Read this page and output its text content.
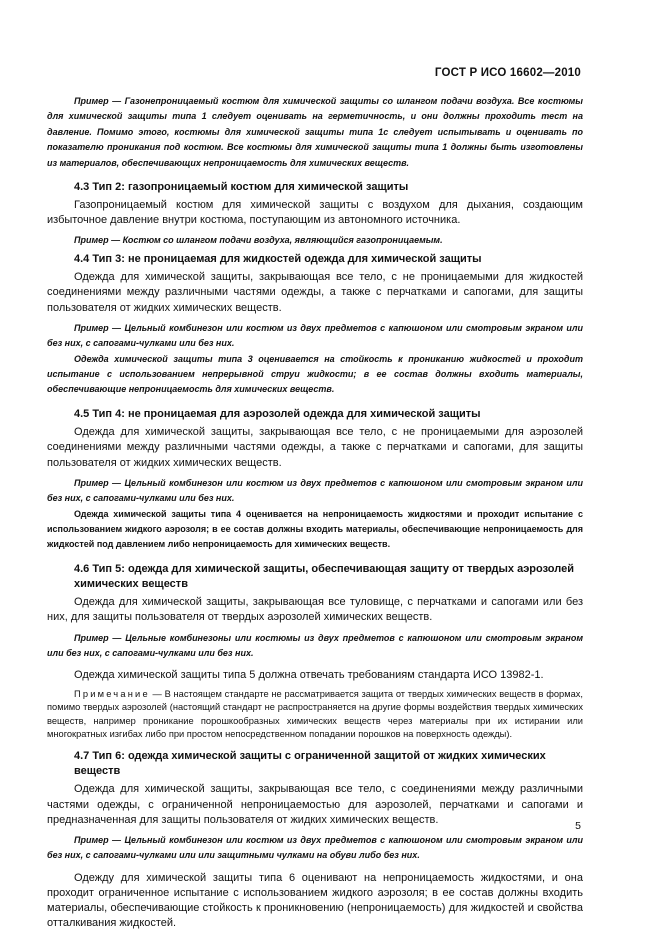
ГОСТ Р ИСО 16602—2010

Пример — Газонепроницаемый костюм для химической защиты со шлангом подачи воздуха. Все костюмы для химической защиты типа 1 следует оценивать на герметичность, и они должны проходить тест на давление. Помимо этого, костюмы для химической защиты типа 1с следует испытывать и оценивать по показателю проникания под костюм. Все костюмы для химической защиты типа 1 должны быть изготовлены из материалов, обеспечивающих непроницаемость для химических веществ.

4.3 Тип 2: газопроницаемый костюм для химической защиты

Газопроницаемый костюм для химической защиты с воздухом для дыхания, создающим избыточное давление внутри костюма, поступающим из автономного источника.

Пример — Костюм со шлангом подачи воздуха, являющийся газопроницаемым.

4.4 Тип 3: не проницаемая для жидкостей одежда для химической защиты

Одежда для химической защиты, закрывающая все тело, с не проницаемыми для жидкостей соединениями между различными частями одежды, а также с перчатками и сапогами, для защиты пользователя от жидких химических веществ.

Пример — Цельный комбинезон или костюм из двух предметов с капюшоном или смотровым экраном или без них, с сапогами-чулками или без них.

Одежда химической защиты типа 3 оценивается на стойкость к прониканию жидкостей и проходит испытание с использованием непрерывной струи жидкости; в ее состав должны входить материалы, обеспечивающие непроницаемость для химических веществ.

4.5 Тип 4: не проницаемая для аэрозолей одежда для химической защиты

Одежда для химической защиты, закрывающая все тело, с не проницаемыми для аэрозолей соединениями между различными частями одежды, а также с перчатками и сапогами, для защиты пользователя от жидких химических веществ.

Пример — Цельный комбинезон или костюм из двух предметов с капюшоном или смотровым экраном или без них, с сапогами-чулками или без них.

Одежда химической защиты типа 4 оценивается на непроницаемость жидкостями и проходит испытание с использованием жидкого аэрозоля; в ее состав должны входить материалы, обеспечивающие непроницаемость для жидкостей под давлением либо непроницаемость для химических веществ.

4.6 Тип 5: одежда для химической защиты, обеспечивающая защиту от твердых аэрозолей химических веществ

Одежда для химической защиты, закрывающая все туловище, с перчатками и сапогами или без них, для защиты пользователя от твердых аэрозолей химических веществ.

Пример — Цельные комбинезоны или костюмы из двух предметов с капюшоном или смотровым экраном или без них, с сапогами-чулками или без них.

Одежда химической защиты типа 5 должна отвечать требованиям стандарта ИСО 13982-1.

Примечание — В настоящем стандарте не рассматривается защита от твердых химических веществ в формах, помимо твердых аэрозолей (настоящий стандарт не распространяется на другие формы воздействия твердых химических веществ, например проникание порошкообразных химических веществ через материалы при их истирании или многократных изгибах либо при простом непосредственном попадании порошков на поверхность одежды).

4.7 Тип 6: одежда химической защиты с ограниченной защитой от жидких химических веществ

Одежда для химической защиты, закрывающая все тело, с соединениями между различными частями одежды, с ограниченной непроницаемостью для аэрозолей, перчатками и сапогами и предназначенная для защиты пользователя от жидких химических веществ.

Пример — Цельный комбинезон или костюм из двух предметов с капюшоном или смотровым экраном или без них, с сапогами-чулками или или защитными чулками на обуви либо без них.

Одежду для химической защиты типа 6 оценивают на непроницаемость жидкостями, и она проходит ограниченное испытание с использованием жидкого аэрозоля; в ее состав должны входить материалы, обеспечивающие стойкость к проникновению (непроницаемость) для жидкостей и свойства отталкивания жидкостей.

5
